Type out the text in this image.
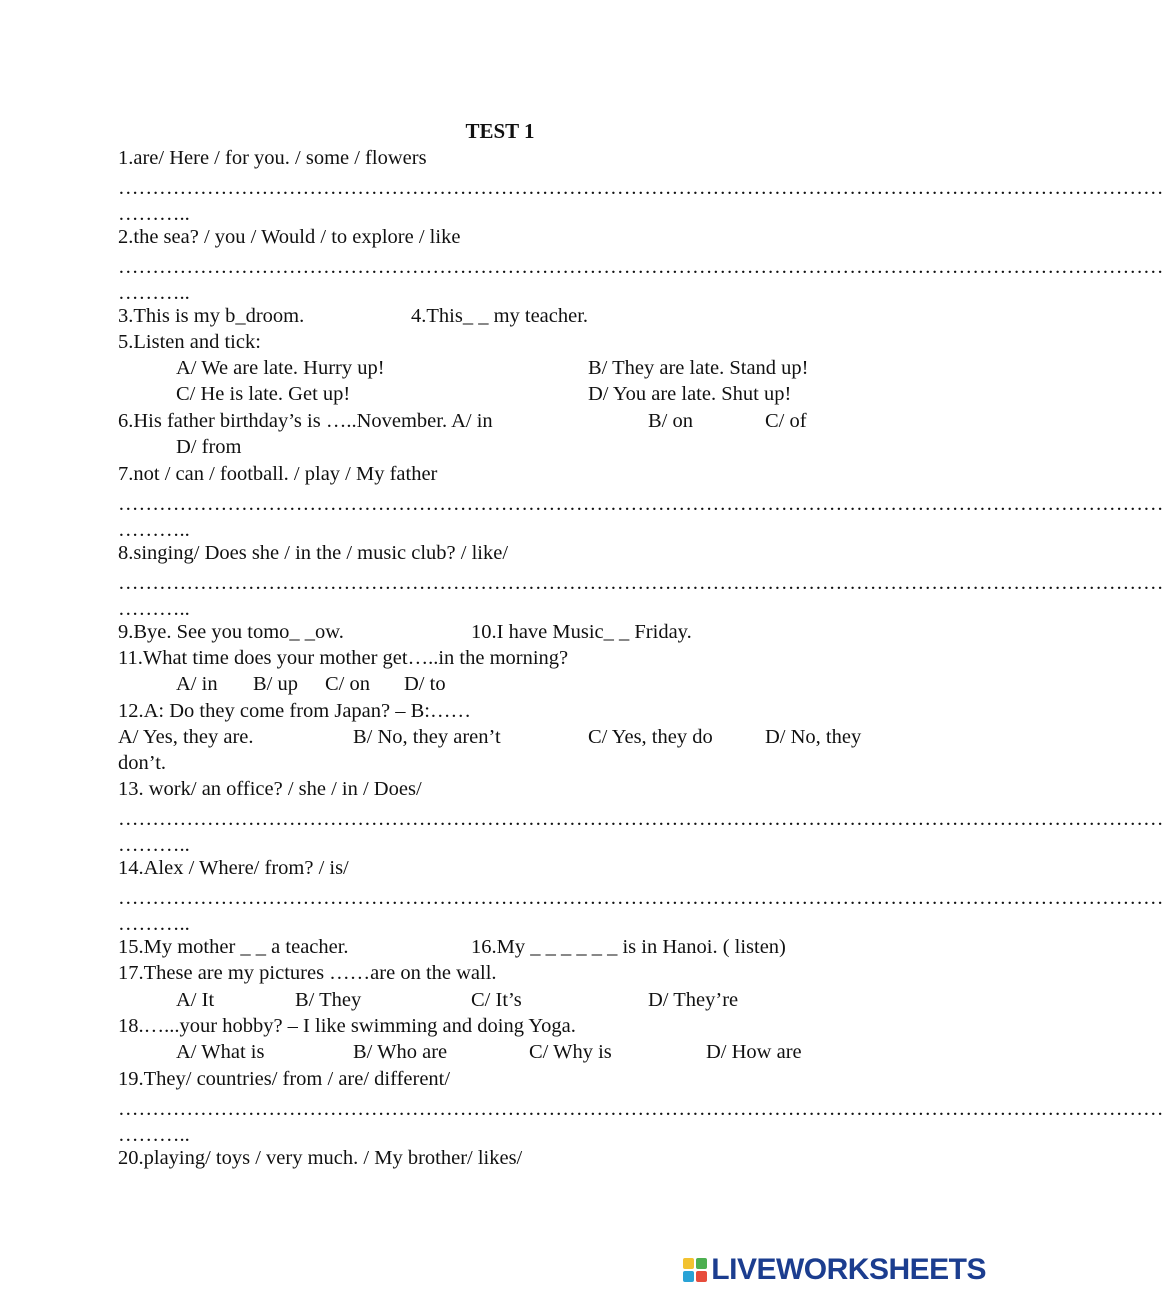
TEST 1
1.are/ Here / for you. / some / flowers
………………………………………………………………………………………………………………………………………
………..
2.the sea? / you / Would / to explore / like
………………………………………………………………………………………………………………………………………
………..
3.This is my b_droom.	4.This_ _ my teacher.
5.Listen and tick:
A/ We are late. Hurry up!	B/ They are late. Stand up!
C/ He is late. Get up!	D/ You are late. Shut up!
6.His father birthday’s is …..November. A/ in	B/ on	C/ of
D/ from
7.not / can / football. / play / My father
………………………………………………………………………………………………………………………………………
………..
8.singing/ Does she / in the / music club? / like/
………………………………………………………………………………………………………………………………………
………..
9.Bye. See you tomo_ _ow.	10.I have Music_ _ Friday.
11.What time does your mother get…..in the morning?
A/ in B/ up C/ on D/ to
12.A: Do they come from Japan? – B:……
A/ Yes, they are.	B/ No, they aren’t	C/ Yes, they do	D/ No, they
don’t.
13. work/ an office? / she / in / Does/
………………………………………………………………………………………………………………………………………
………..
14.Alex / Where/ from? / is/
………………………………………………………………………………………………………………………………………
………..
15.My mother _ _ a teacher.	16.My _ _ _ _ _ _ is in Hanoi. ( listen)
17.These are my pictures ……are on the wall.
A/ It	B/ They	C/ It’s	D/ They’re
18.…...your hobby? – I like swimming and doing Yoga.
A/ What is	B/ Who are	C/ Why is	D/ How are
19.They/ countries/ from / are/ different/
………………………………………………………………………………………………………………………………………
………..
20.playing/ toys / very much. / My brother/ likes/
LIVEWORKSHEETS
